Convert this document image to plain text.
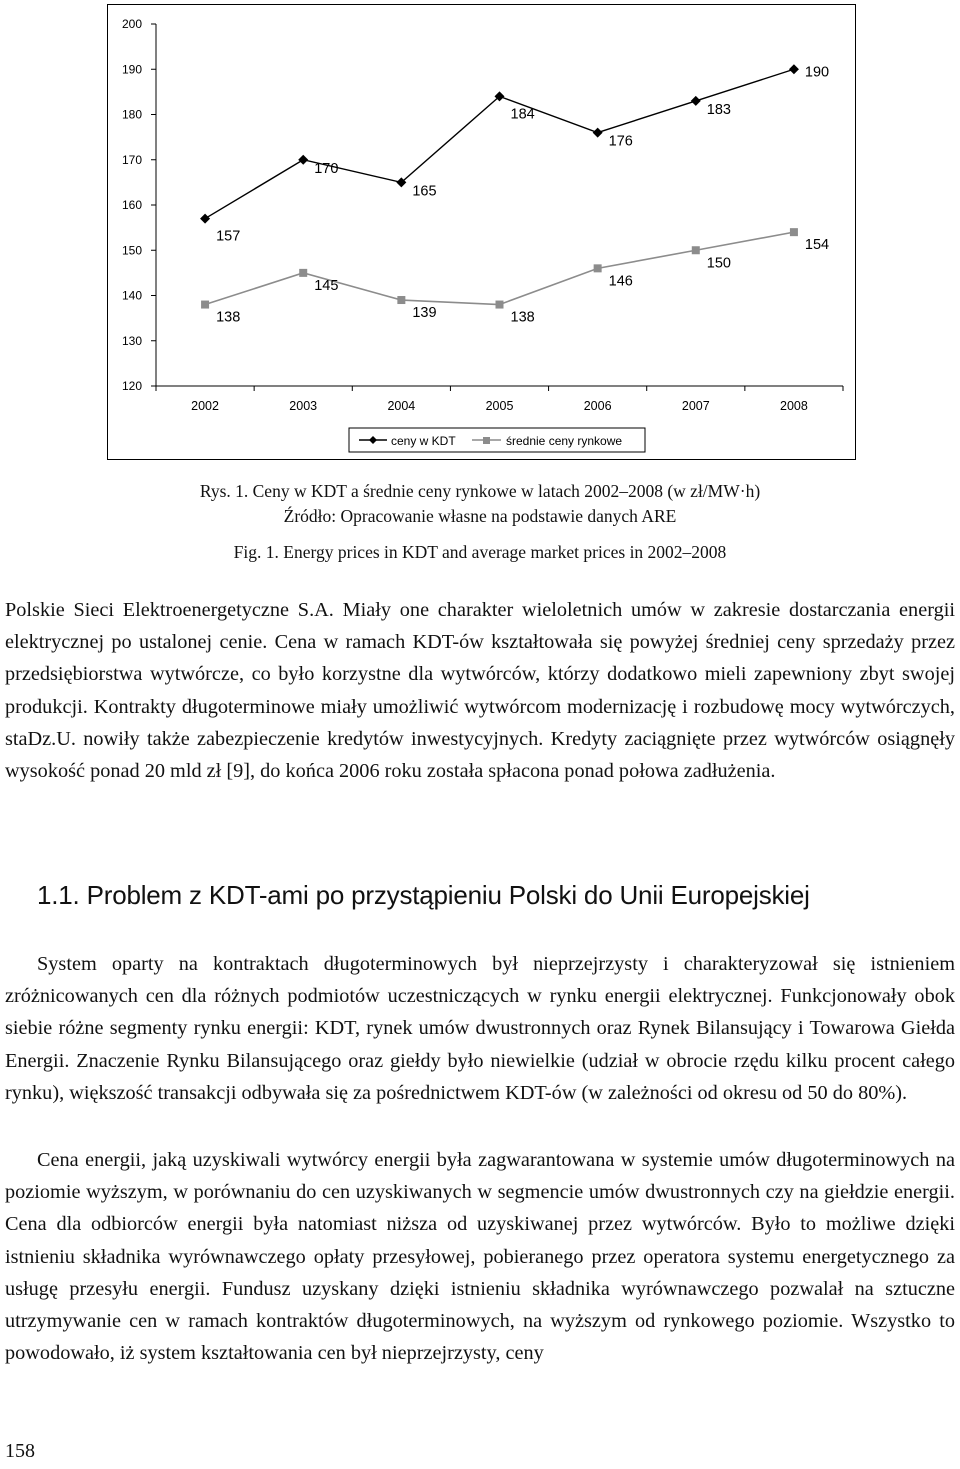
120
130
140
150
160
170
180
190
200
2002	2003	2004	2005	2006	2007	2008
157
170
165
184
176
183
190
138
145
139	138
146
150
154
ceny w KDT	średnie ceny rynkowe
Rys. 1. Ceny w KDT a średnie ceny rynkowe w latach 2002–2008 (w zł/MW·h)
Źródło: Opracowanie własne na podstawie danych ARE
Fig. 1. Energy prices in KDT and average market prices in 2002–2008

Polskie Sieci Elektroenergetyczne S.A. Miały one charakter wieloletnich umów w zakresie dostarczania energii elektrycznej po ustalonej cenie. Cena w ramach KDT-ów kształtowała się powyżej średniej ceny sprzedaży przez przedsiębiorstwa wytwórcze, co było korzystne dla wytwórców, którzy dodatkowo mieli zapewniony zbyt swojej produkcji. Kontrakty długoterminowe miały umożliwić wytwórcom modernizację i rozbudowę mocy wytwórczych, staDz.U. nowiły także zabezpieczenie kredytów inwestycyjnych. Kredyty zaciągnięte przez wytwórców osiągnęły wysokość ponad 20 mld zł [9], do końca 2006 roku została spłacona ponad połowa zadłużenia.

1.1. Problem z KDT-ami po przystąpieniu Polski do Unii Europejskiej

System oparty na kontraktach długoterminowych był nieprzejrzysty i charakteryzował się istnieniem zróżnicowanych cen dla różnych podmiotów uczestniczących w rynku energii elektrycznej. Funkcjonowały obok siebie różne segmenty rynku energii: KDT, rynek umów dwustronnych oraz Rynek Bilansujący i Towarowa Giełda Energii. Znaczenie Rynku Bilansującego oraz giełdy było niewielkie (udział w obrocie rzędu kilku procent całego rynku), większość transakcji odbywała się za pośrednictwem KDT-ów (w zależności od okresu od 50 do 80%).

Cena energii, jaką uzyskiwali wytwórcy energii była zagwarantowana w systemie umów długoterminowych na poziomie wyższym, w porównaniu do cen uzyskiwanych w segmencie umów dwustronnych czy na giełdzie energii. Cena dla odbiorców energii była natomiast niższa od uzyskiwanej przez wytwórców. Było to możliwe dzięki istnieniu składnika wyrównawczego opłaty przesyłowej, pobieranego przez operatora systemu energetycznego za usługę przesyłu energii. Fundusz uzyskany dzięki istnieniu składnika wyrównawczego pozwalał na sztuczne utrzymywanie cen w ramach kontraktów długoterminowych, na wyższym od rynkowego poziomie. Wszystko to powodowało, iż system kształtowania cen był nieprzejrzysty, ceny

158
